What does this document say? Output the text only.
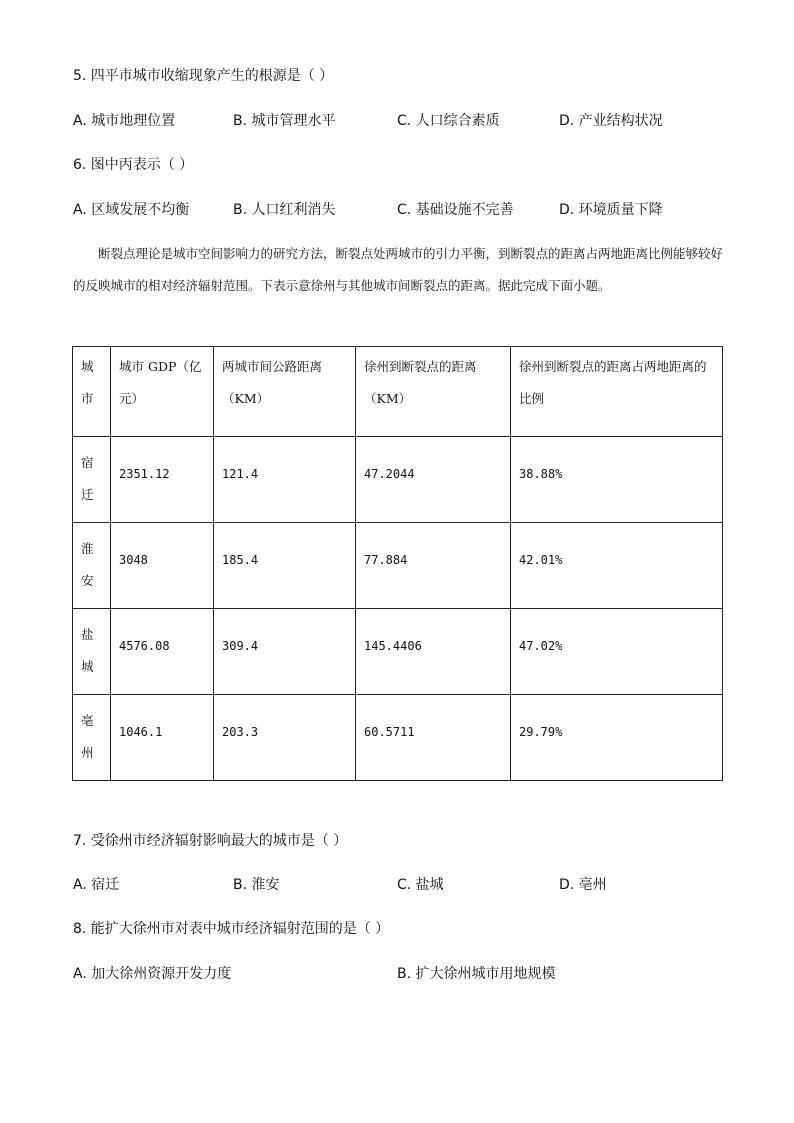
5. 四平市城市收缩现象产生的根源是（ ）
A. 城市地理位置	B. 城市管理水平	C. 人口综合素质	D. 产业结构状况
6. 图中丙表示（ ）
A. 区域发展不均衡	B. 人口红利消失	C. 基础设施不完善	D. 环境质量下降

断裂点理论是城市空间影响力的研究方法，断裂点处两城市的引力平衡，到断裂点的距离占两地距离比例能够较好的反映城市的相对经济辐射范围。下表示意徐州与其他城市间断裂点的距离。据此完成下面小题。

城市	城市 GDP（亿元）	两城市间公路距离（KM）	徐州到断裂点的距离（KM）	徐州到断裂点的距离占两地距离的比例

宿
迁	2351.12	121.4	47.2044	38.88%

淮
安	3048	185.4	77.884	42.01%

盐
城	4576.08	309.4	145.4406	47.02%

亳
州	1046.1	203.3	60.5711	29.79%
7. 受徐州市经济辐射影响最大的城市是（ ）
A. 宿迁	B. 淮安	C. 盐城	D. 亳州
8. 能扩大徐州市对表中城市经济辐射范围的是（ ）
A. 加大徐州资源开发力度	B. 扩大徐州城市用地规模
